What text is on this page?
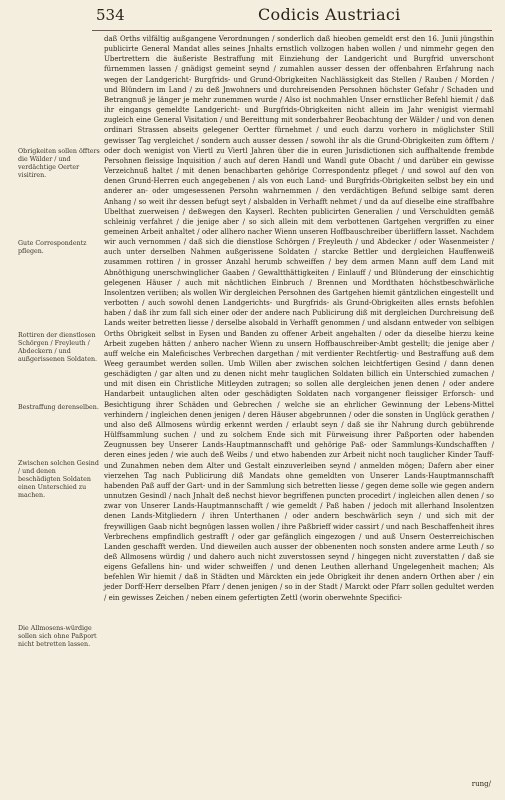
534	Codicis Austriaci
Obrigkeiten sollen öffters die Wälder / und verdächtige Oerter visitiren.
Gute Correspondentz pflegen.
Rottiren der dienstlosen Schörgen / Freyleuth / Abdeckern / und außgerissenen Soldaten.
Bestraffung derenselben.
Zwischen solchen Gesind / und denen beschädigten Soldaten einen Unterschied zu machen.
Die Allmosens-würdige sollen sich ohne Paßport nicht betretten lassen.

daß Orths vilfältig außgangene Verordnungen / sonderlich daß hieoben gemeldt erst den 16. Junii jüngsthin publicirte General Mandat alles seines Jnhalts ernstlich vollzogen haben wollen / und nimmehr gegen den Ubertrettern die äußeriste Bestraffung mit Einziehung der Landgericht und Burgfrid unverschont fürnemmen lassen / gnädigst gemeint seynd / zumahlen ausser dessen der offenbahren Erfahrung nach wegen der Landgericht- Burgfrids- und Grund-Obrigkeiten Nachlässigkeit das Stellen / Rauben / Morden / und Blündern im Land / zu deß Jnwohners und durchreisenden Persohnen höchster Gefahr / Schaden und Betrangnuß je länger je mehr zunemmen wurde / Also ist nochmahlen Unser ernstlicher Befehl hiemit / daß ihr eingangs gemeldte Landgericht- und Burgfrids-Obrigkeiten nicht allein im Jahr wenigist viermahl zugleich eine General Visitation / und Bereittung mit sonderbahrer Beobachtung der Wälder / und von denen ordinari Strassen abseits gelegener Oertter fürnehmet / und euch darzu vorhero in möglichster Still gewisser Tag vergleichet / sondern auch ausser dessen / sowohl ihr als die Grund-Obrigkeiten zum öfftern / oder doch wenigist von Viertl zu Viertl Jahren über die in euren Jurisdictionen sich auffhaltende frembde Persohnen fleissige Inquisition / auch auf deren Handl und Wandl gute Obacht / und darüber ein gewisse Verzeichnuß haltet / mit denen benachbarten gehörige Correspondentz pfleget / und sowol auf den von denen Grund-Herren euch angegebenen / als von euch Land- und Burgfrids-Obrigkeiten selbst bey ein und anderer an- oder umgesessenen Persohn wahrnemmen / den verdächtigen Befund selbige samt deren Anhang / so weit ihr dessen befugt seyt / alsbalden in Verhafft nehmet / und da auf dieselbe eine straffbahre Ubelthat zuerweisen / deßwegen den Kayserl. Rechten publicirten Generalien / und Verschuldten gemäß schleinig verfahret / die jenige aber / so sich allein mit dem verbottenen Gartgehen vergriffen zu einer gemeinen Arbeit anhaltet / oder allhero nacher Wienn unseren Hoffbauschreiber überliffern lasset. Nachdem wir auch vernommen / daß sich die dienstlose Schörgen / Freyleuth / und Abdecker / oder Wasenmeister / auch unter derselben Nahmen außgerissene Soldaten / starcke Bettler und dergleichen Hauffenweiß zusammen rottiren / in grosser Anzahl herumb schweiffen / bey dem armen Mann auff dem Land mit Abnöthigung unerschwinglicher Gaaben / Gewaltthättigkeiten / Einlauff / und Blünderung der einschichtig gelegenen Häuser / auch mit nächtlichen Einbruch / Brennen und Mordthaten höchstbeschwärliche Insolentzen veriiben; als wollen Wir dergleichen Persohnen des Gartgehen hiemit gäntzlichen eingestellt und verbotten / auch sowohl denen Landgerichts- und Burgfrids- als Grund-Obrigkeiten alles ernsts befohlen haben / daß ihr zum fall sich einer oder der andere nach Publicirung diß mit dergleichen Durchreisung deß Lands weiter betretten liesse / derselbe alsobald in Verhafft genommen / und alsdann entweder von selbigen Orths Obrigkeit selbst in Eysen und Banden zu offener Arbeit angehalten / oder da dieselbe hierzu keine Arbeit zugeben hätten / anhero nacher Wienn zu unsern Hoffbauschreiber-Ambt gestellt; die jenige aber / auff welche ein Maleficisches Verbrechen dargethan / mit verdienter Rechtfertig- und Bestraffung auß dem Weeg geraumbet werden sollen. Umb Willen aber zwischen solchen leichtfertigen Gesind / dann denen geschädigten / gar alten und zu denen nicht mehr tauglichen Soldaten billich ein Unterschied zumachen / und mit disen ein Christliche Mitleyden zutragen; so sollen alle dergleichen jenen denen / oder andere Handarbeit untauglichen alten oder geschädigten Soldaten nach vorgangener fleissiger Erforsch- und Besichtigung ihrer Schäden und Gebrechen / welche sie an ehrlicher Gewinnung der Lebens-Mittel verhindern / ingleichen denen jenigen / deren Häuser abgebrunnen / oder die sonsten in Unglück gerathen / und also deß Allmosens würdig erkennt werden / erlaubt seyn / daß sie ihr Nahrung durch gebührende Hülffsammlung suchen / und zu solchem Ende sich mit Fürweisung ihrer Paßporten oder habenden Zeugnussen bey Unserer Lands-Hauptmannschafft und gehörige Paß- oder Sammlungs-Kundschafften / deren eines jeden / wie auch deß Weibs / und etwo habenden zur Arbeit nicht noch tauglicher Kinder Tauff- und Zunahmen neben dem Alter und Gestalt einzuverleiben seynd / anmelden mögen; Dafern aber einer vierzehen Tag nach Publicirung diß Mandats ohne gemeldten von Unserer Lands-Hauptmannschafft habenden Paß auff der Gart- und in der Sammlung sich betretten liesse / gegen deme solle wie gegen andern unnutzen Gesindl / nach Jnhalt deß nechst hievor begriffenen puncten procedirt / ingleichen allen denen / so zwar von Unserer Lands-Hauptmannschafft / wie gemeldt / Paß haben / jedoch mit allerhand Insolentzen denen Lands-Mitgliedern / ihren Unterthanen / oder andern beschwärlich seyn / und sich mit der freywilligen Gaab nicht begnügen lassen wollen / ihre Paßbrieff wider cassirt / und nach Beschaffenheit ihres Verbrechens empfindlich gestrafft / oder gar gefänglich eingezogen / und auß Unsern Oesterreichischen Landen geschafft werden. Und dieweilen auch ausser der obbenenten noch sonsten andere arme Leuth / so deß Allmosens würdig / und dahero auch nicht zuverstossen seynd / hingegen nicht zuverstatten / daß sie eigens Gefallens hin- und wider schweiffen / und denen Leuthen allerhand Ungelegenheit machen; Als befehlen Wir hiemit / daß in Städten und Märckten ein jede Obrigkeit ihr denen andern Orthen aber / ein jeder Dorff-Herr derselben Pfarr / denen jenigen / so in der Stadt / Marckt oder Pfarr sollen gedultet werden / ein gewisses Zeichen / neben einem gefertigten Zettl (worin oberwehnte Specifici-

rung/
